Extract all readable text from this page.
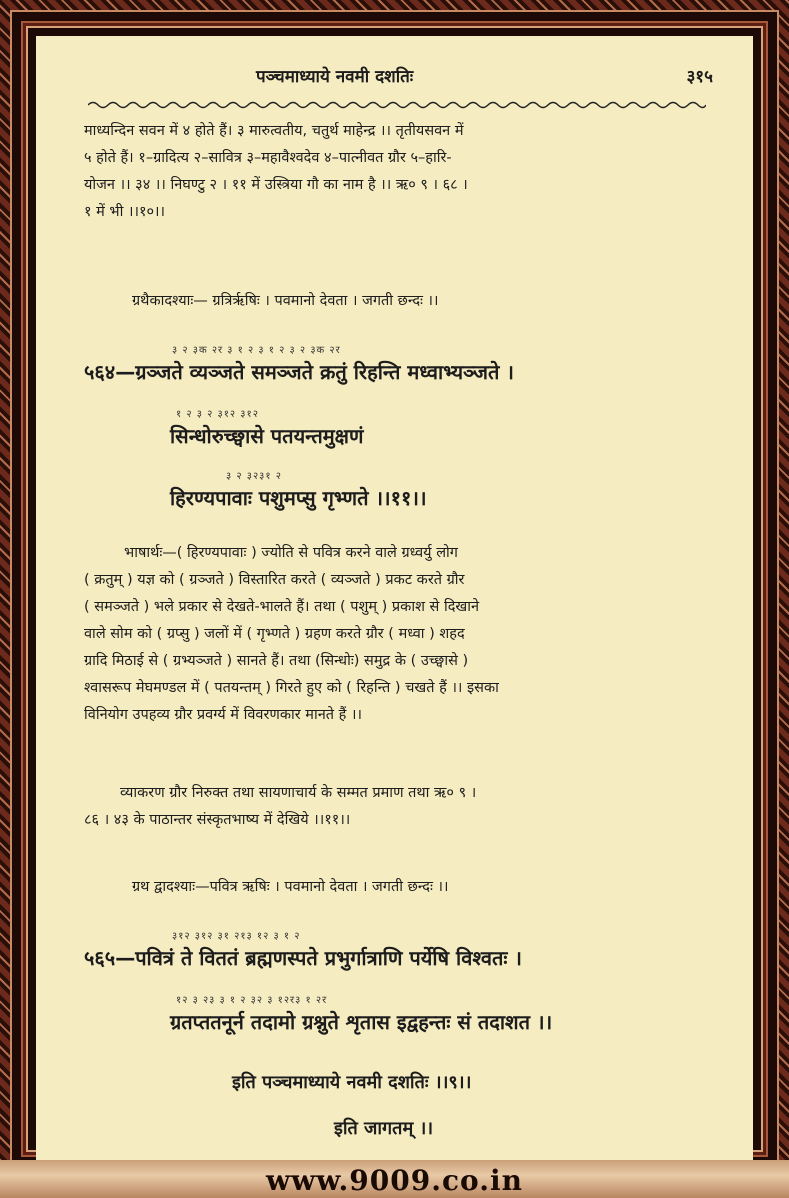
पञ्चमाध्याये नवमी दशतिः	३१५
माध्यन्दिन सवन में ४ होते हैं। ३ मारुत्वतीय, चतुर्थ माहेन्द्र ।। तृतीयसवन में
५ होते हैं। १–ग्रादित्य २–सावित्र ३–महावैश्वदेव ४–पात्नीवत ग्रौर ५–हारि-
योजन ।। ३४ ।। निघण्टु २ । ११ में उस्त्रिया गौ का नाम है ।। ऋ० ९ । ६८ ।
१ में भी ।।१०।।
ग्रथैकादश्याः— ग्रत्रिर्ऋषिः । पवमानो देवता । जगती छन्दः ।।
३ २ ३क २र ३ १ २ ३ १ २ ३ २ ३क २र
५६४—ग्रञ्जते व्यञ्जते समञ्जते क्रतुं रिहन्ति मध्वाभ्यञ्जते ।
१ २ ३ २ ३१२ ३१२
सिन्धोरुच्छ्वासे पतयन्तमुक्षणं
३ २ ३२३१ २
हिरण्यपावाः पशुमप्सु गृभ्णते ।।११।।
भाषार्थः—( हिरण्यपावाः ) ज्योति से पवित्र करने वाले ग्रध्वर्यु लोग
( क्रतुम् ) यज्ञ को ( ग्रञ्जते ) विस्तारित करते ( व्यञ्जते ) प्रकट करते ग्रौर
( समञ्जते ) भले प्रकार से देखते-भालते हैं। तथा ( पशुम् ) प्रकाश से दिखाने
वाले सोम को ( ग्रप्सु ) जलों में ( गृभ्णते ) ग्रहण करते ग्रौर ( मध्वा ) शहद
ग्रादि मिठाई से ( ग्रभ्यञ्जते ) सानते हैं। तथा (सिन्धोः) समुद्र के ( उच्छ्वासे )
श्वासरूप मेघमण्डल में ( पतयन्तम् ) गिरते हुए को ( रिहन्ति ) चखते हैं ।। इसका
विनियोग उपहव्य ग्रौर प्रवर्ग्य में विवरणकार मानते हैं ।।
व्याकरण ग्रौर निरुक्त तथा सायणाचार्य के सम्मत प्रमाण तथा ऋ० ९ ।
८६ । ४३ के पाठान्तर संस्कृतभाष्य में देखिये ।।११।।
ग्रथ द्वादश्याः—पवित्र ऋषिः । पवमानो देवता । जगती छन्दः ।।
३१२ ३१२ ३१ २१३ १२ ३ १ २
५६५—पवित्रं ते विततं ब्रह्मणस्पते प्रभुर्गात्राणि पर्येषि विश्वतः ।
१२ ३ २३ ३ १ २ ३२ ३ १२र३ १ २र
ग्रतप्ततनूर्न तदामो ग्रश्नुते शृतास इद्वहन्तः सं तदाशत ।।
इति पञ्चमाध्याये नवमी दशतिः ।।९।।
इति जागतम् ।।
www.9009.co.in
